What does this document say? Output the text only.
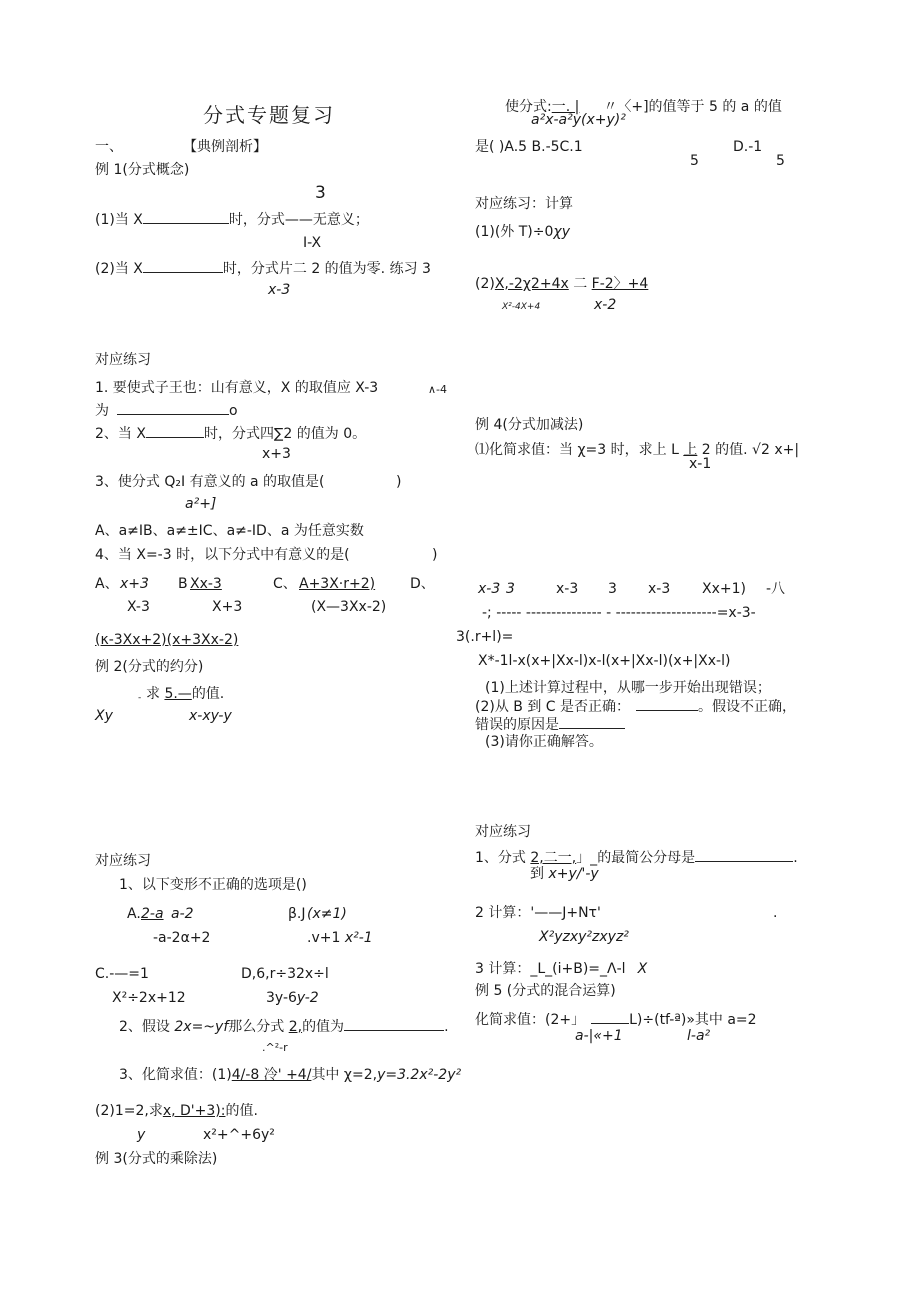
分式专题复习
一、	【典例剖析】
例 1(分式概念)
3
(1)当 X	时，分式——无意义；
I-X
(2)当 X	时，分式片二 2 的值为零. 练习 3
x-3
对应练习
1. 要使式子王也：山有意义，X 的取值应 X-3	∧-4
为	o
2、当 X	时，分式四∑2 的值为 0。
x+3
3、使分式 Q₂I 有意义的 a 的取值是(	)
a²+]
A、a≠IB、a≠±IC、a≠-ID、a 为任意实数
4、当 X=-3 时，以下分式中有意义的是(	)
A、 x+3 B Xx-3	C、 A+3X·r+2) D、
X-3	X+3	(X—3Xx-2)
(κ-3Xx+2)(x+3Xx-2)
例 2(分式的约分)
- 求 5.—的值.
Xy	x-xy-y
对应练习
1、以下变形不正确的选项是()
A. 2-a a-2	β.J (x≠1)
-a-2α+2	.v+1 x²-1
C.-—=1	D,6,r÷32x÷l
X²÷2x+12	3y-6y-2
2、假设 2x=~yf那么分式 2,的值为	.
.^²-r
3、化简求值：(1)4/-8 冷' +4/其中 χ=2,y=3.2x²-2y²
(2)1=2,求x, D'+3):的值.
y	x²+^+6y²
例 3(分式的乘除法)
使分式:一. | 〃〈+]的值等于 5 的 a 的值
a²x-a²y(x+y)²
是( )A.5 B.-5C.1	D.-1
5	5
对应练习：计算
(1)(外 T)÷0χy
(2)X,-2χ2+4x 二 F-2〉+4
X²-4X+4	x-2
例 4(分式加减法)
⑴化简求值：当 χ=3 时，求上 L 上 2 的值. √2 x+|
x-1
x-3 3	x-3 3 x-3 Xx+1) -八
-; ----- --------------- - --------------------=x-3-
3(.r+l)=
X*-1l-x(x+|Xx-l)x-l(x+|Xx-l)(x+|Xx-l)
(1)上述计算过程中，从哪一步开始出现错误；
(2)从 B 到 C 是否正确：	。假设不正确，
错误的原因是
(3)请你正确解答。
对应练习
1、分式 2,二一,」_的最简公分母是	.
到 x+y/'-y
2 计算：'——J+Nτ'	.
X²yzxy²zxyz²
3 计算：_L_(i+B)=_Λ-l X
例 5 (分式的混合运算)
化简求值：(2+」	L)÷(tf-ª)»其中 a=2
a-|«+1	l-a²
